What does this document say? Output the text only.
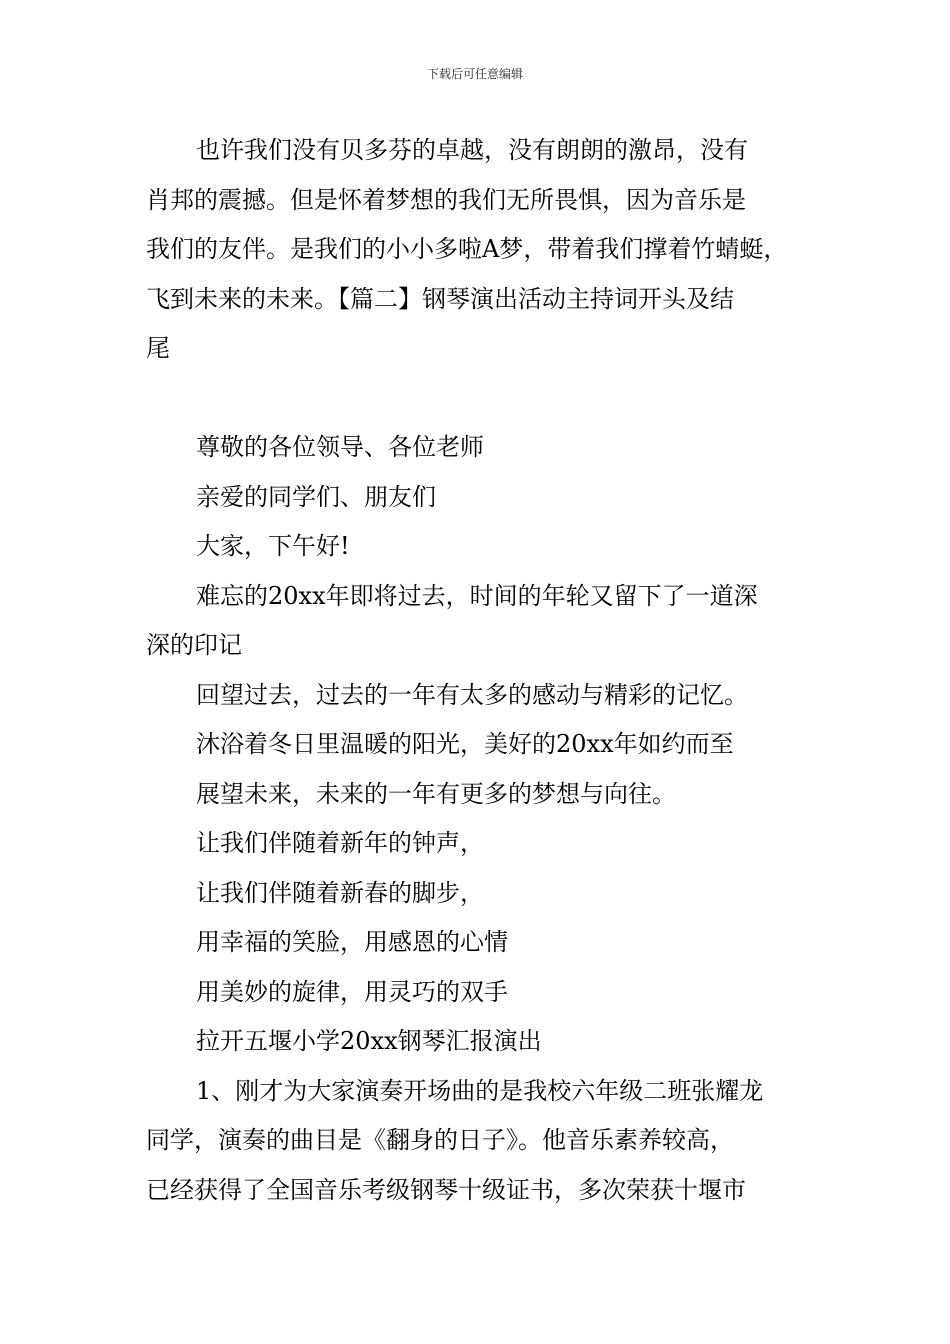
下载后可任意编辑

也许我们没有贝多芬的卓越，没有朗朗的激昂，没有

肖邦的震撼。但是怀着梦想的我们无所畏惧，因为音乐是

我们的友伴。是我们的小小多啦A梦，带着我们撑着竹蜻蜓，

飞到未来的未来。【篇二】钢琴演出活动主持词开头及结

尾

尊敬的各位领导、各位老师

亲爱的同学们、朋友们

大家，下午好!

难忘的20xx年即将过去，时间的年轮又留下了一道深

深的印记

回望过去，过去的一年有太多的感动与精彩的记忆。

沐浴着冬日里温暖的阳光，美好的20xx年如约而至

展望未来，未来的一年有更多的梦想与向往。

让我们伴随着新年的钟声，

让我们伴随着新春的脚步，

用幸福的笑脸，用感恩的心情

用美妙的旋律，用灵巧的双手

拉开五堰小学20xx钢琴汇报演出

1、刚才为大家演奏开场曲的是我校六年级二班张耀龙

同学，演奏的曲目是《翻身的日子》。他音乐素养较高，

已经获得了全国音乐考级钢琴十级证书，多次荣获十堰市
